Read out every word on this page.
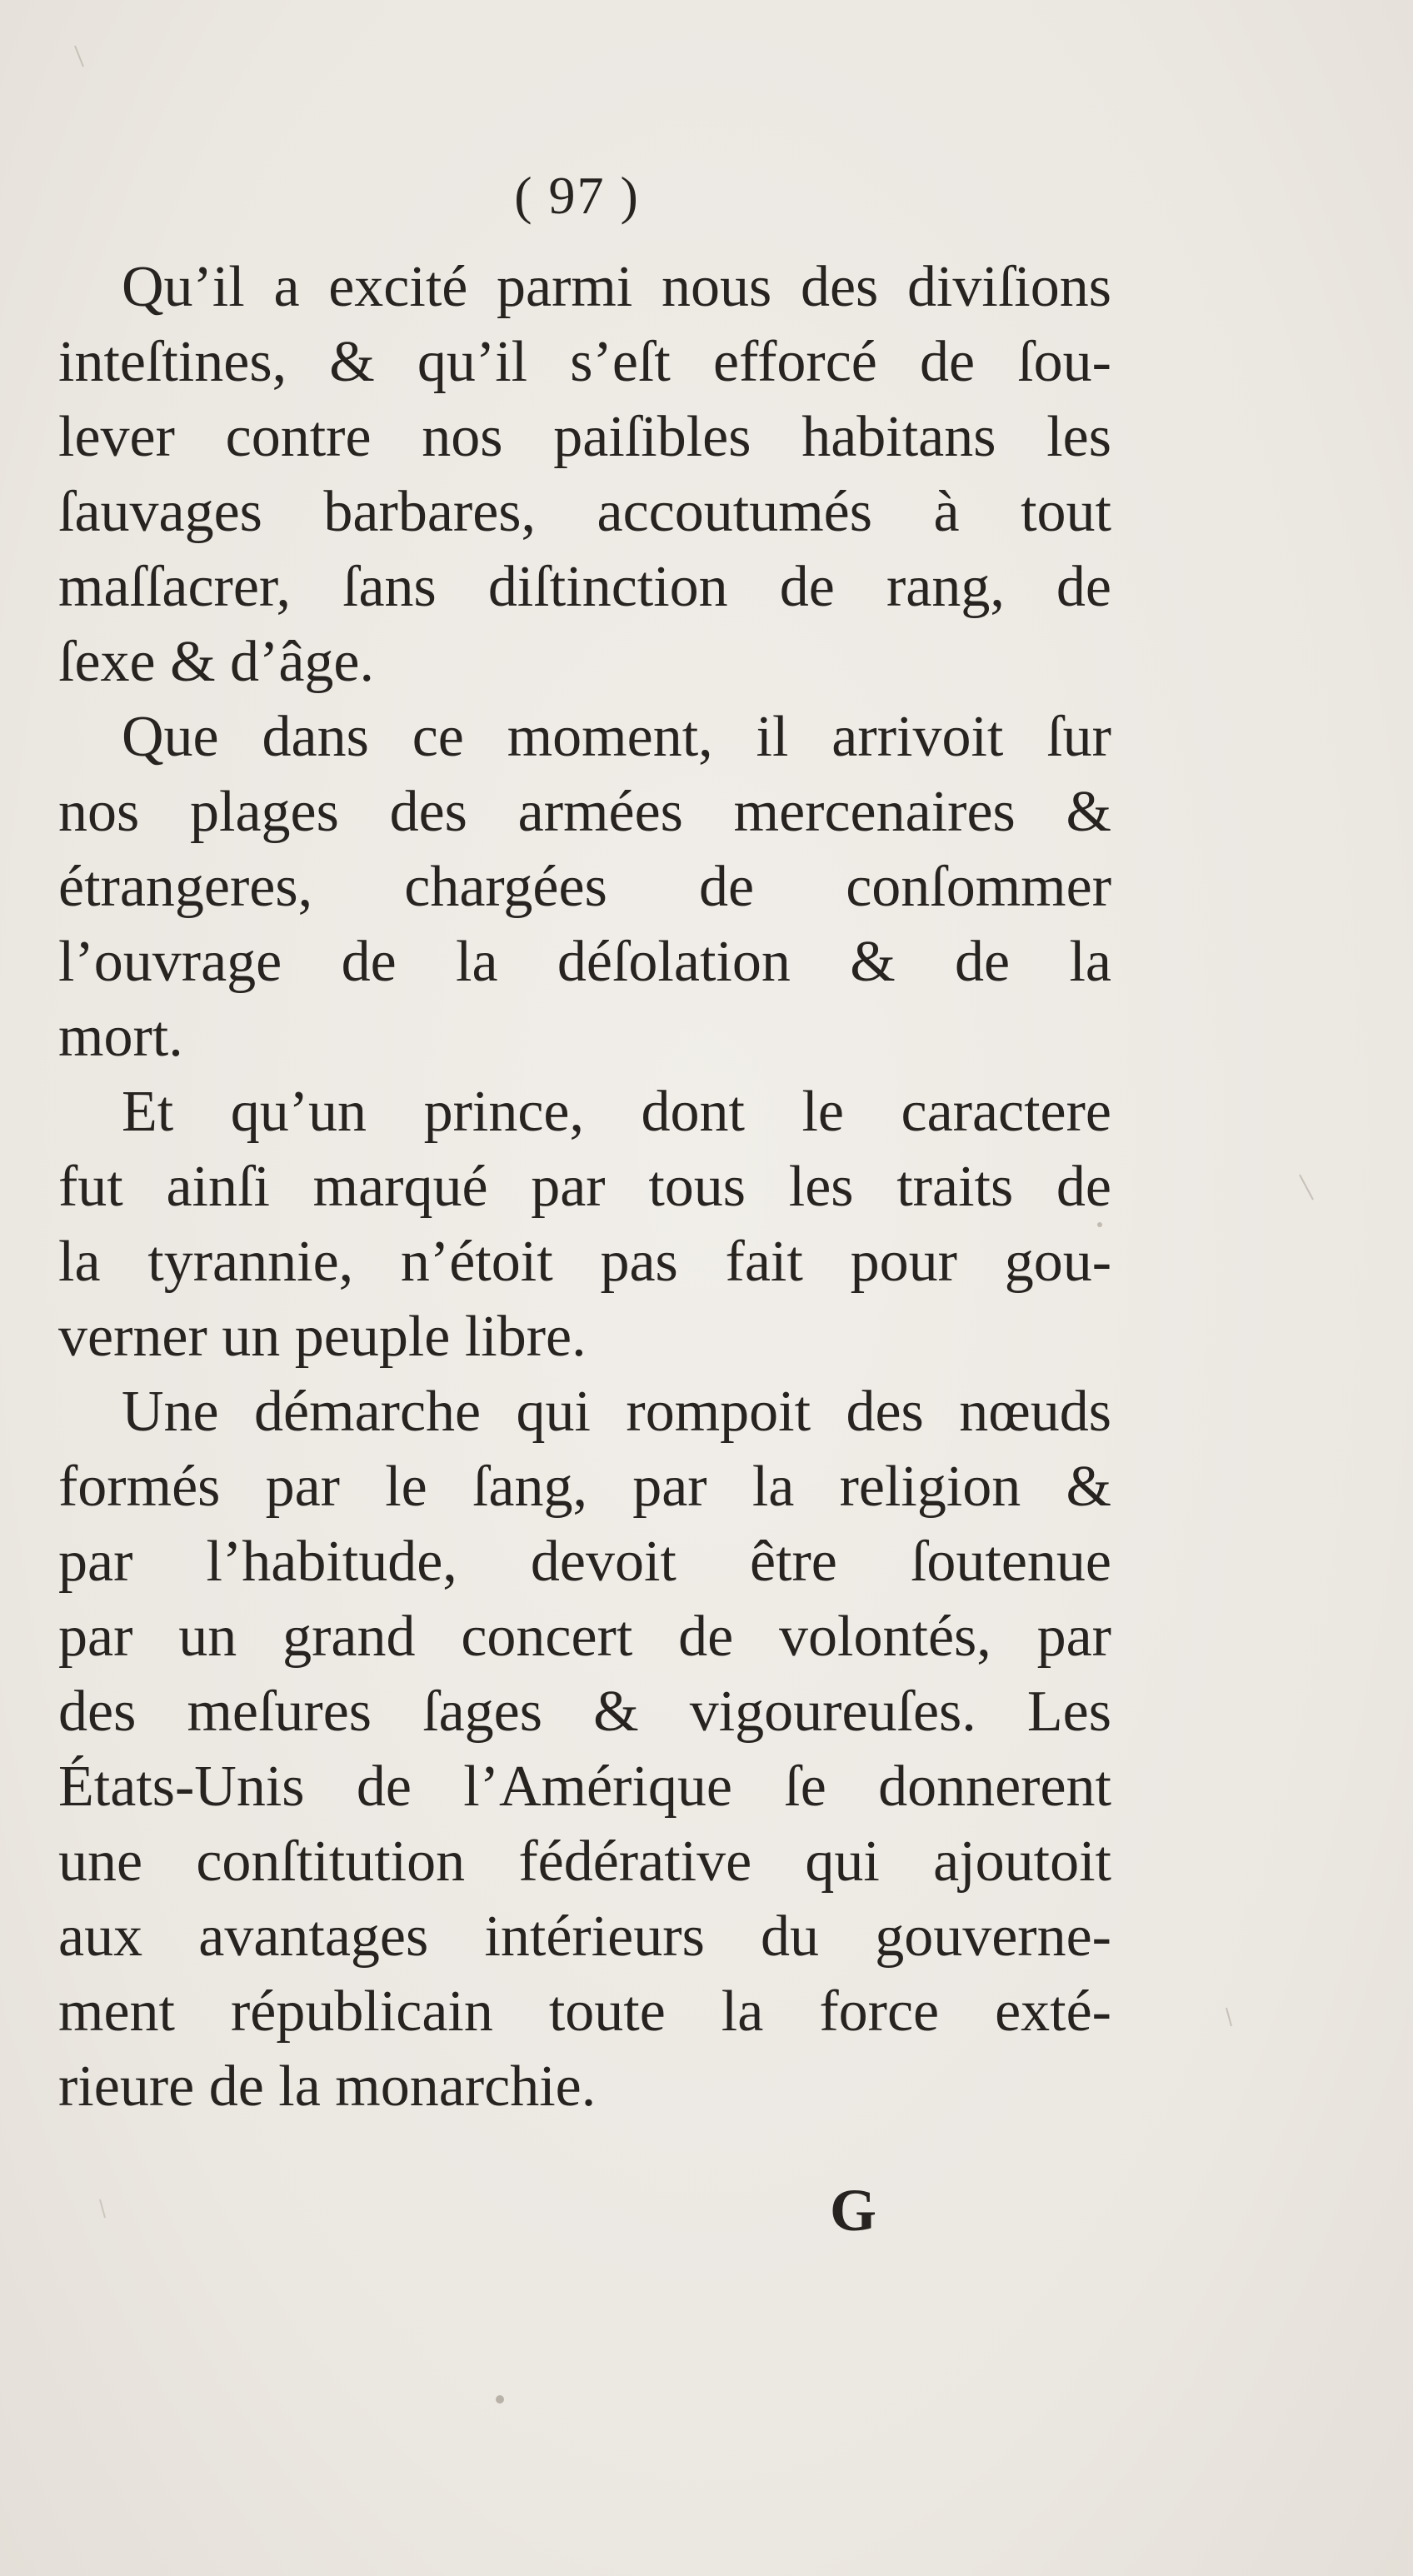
( 97 )

Qu’il a excité parmi nous des diviſions
inteſtines, & qu’il s’eſt efforcé de ſou-
lever contre nos paiſibles habitans les
ſauvages barbares, accoutumés à tout
maſſacrer, ſans diſtinction de rang, de
ſexe & d’âge.

Que dans ce moment, il arrivoit ſur
nos plages des armées mercenaires &
étrangeres, chargées de conſommer
l’ouvrage de la déſolation & de la
mort.

Et qu’un prince, dont le caractere
fut ainſi marqué par tous les traits de
la tyrannie, n’étoit pas fait pour gou-
verner un peuple libre.

Une démarche qui rompoit des nœuds
formés par le ſang, par la religion &
par l’habitude, devoit être ſoutenue
par un grand concert de volontés, par
des meſures ſages & vigoureuſes. Les
États-Unis de l’Amérique ſe donnerent
une conſtitution fédérative qui ajoutoit
aux avantages intérieurs du gouverne-
ment républicain toute la force exté-
rieure de la monarchie.

G
